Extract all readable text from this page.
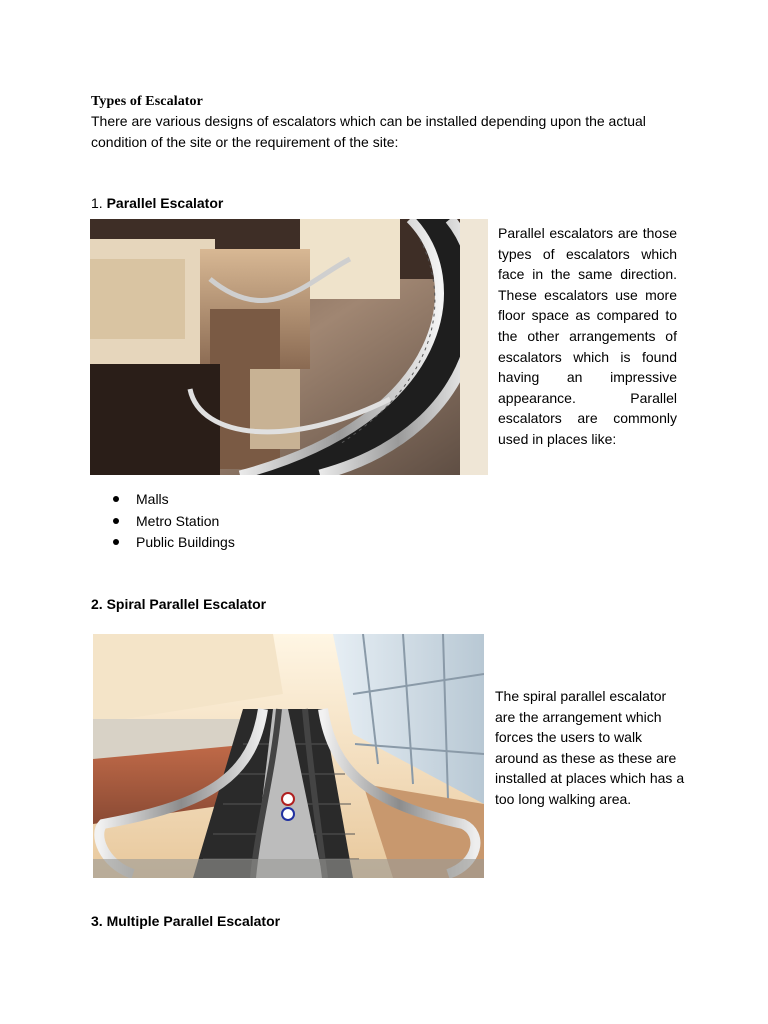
Types of Escalator
There are various designs of escalators which can be installed depending upon the actual condition of the site or the requirement of the site:
1. Parallel Escalator
Parallel escalators are those types of escalators which face in the same direction. These escalators use more floor space as compared to the other arrangements of escalators which is found having an impressive appearance. Parallel escalators are commonly used in places like:
Malls
Metro Station
Public Buildings
2. Spiral Parallel Escalator
The spiral parallel escalator are the arrangement which forces the users to walk around as these as these are installed at places which has a too long walking area.
3. Multiple Parallel Escalator
